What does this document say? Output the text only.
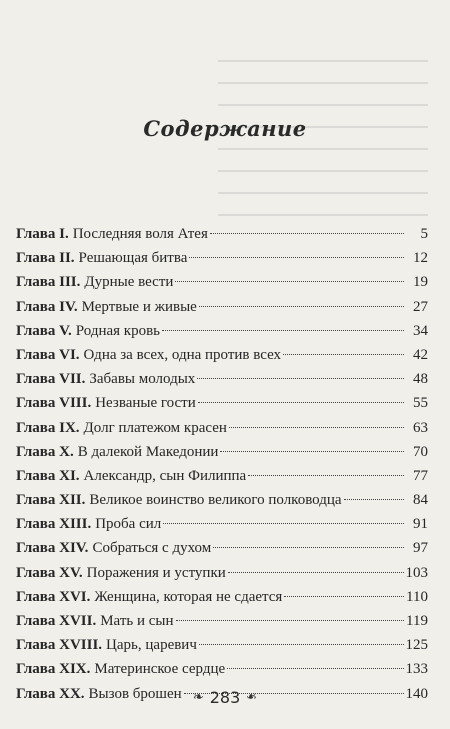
Содержание
Глава I. Последняя воля Атея	5
Глава II. Решающая битва	12
Глава III. Дурные вести	19
Глава IV. Мертвые и живые	27
Глава V. Родная кровь	34
Глава VI. Одна за всех, одна против всех	42
Глава VII. Забавы молодых	48
Глава VIII. Незваные гости	55
Глава IX. Долг платежом красен	63
Глава X. В далекой Македонии	70
Глава XI. Александр, сын Филиппа	77
Глава XII. Великое воинство великого полководца	84
Глава XIII. Проба сил	91
Глава XIV. Собраться с духом	97
Глава XV. Поражения и уступки	103
Глава XVI. Женщина, которая не сдается	110
Глава XVII. Мать и сын	119
Глава XVIII. Царь, царевич	125
Глава XIX. Материнское сердце	133
Глава XX. Вызов брошен	140
❧ 283 ❧
